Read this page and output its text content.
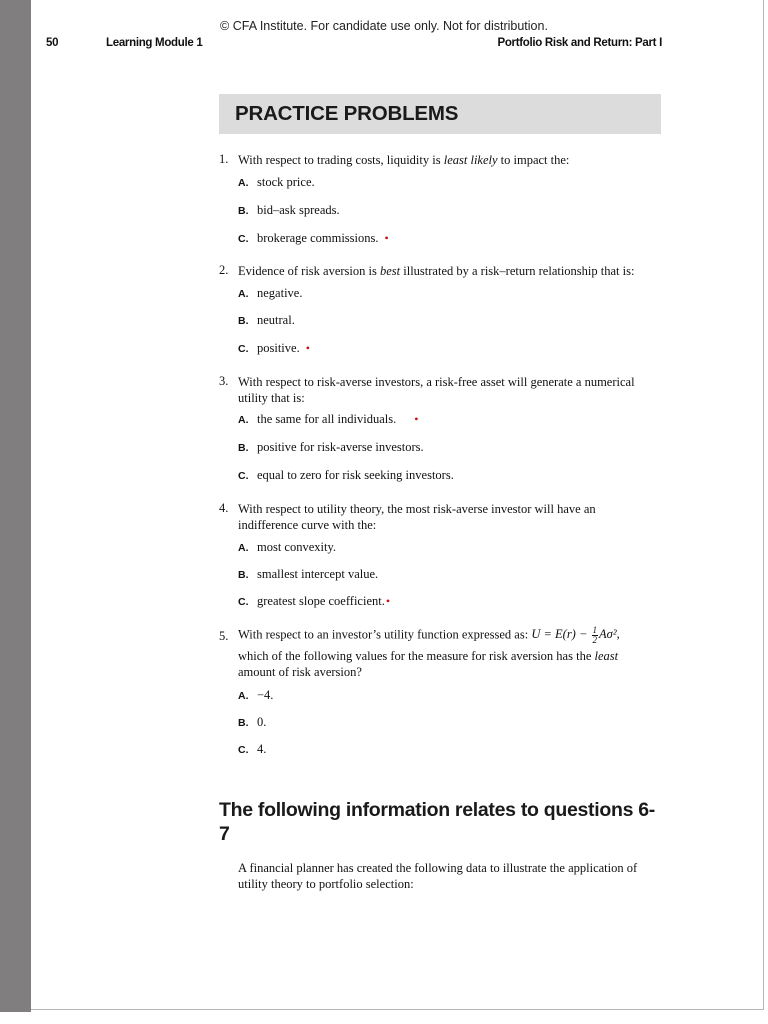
© CFA Institute. For candidate use only. Not for distribution.
50	Learning Module 1	Portfolio Risk and Return: Part I
PRACTICE PROBLEMS
1. With respect to trading costs, liquidity is least likely to impact the:
A. stock price.
B. bid–ask spreads.
C. brokerage commissions. •
2. Evidence of risk aversion is best illustrated by a risk–return relationship that is:
A. negative.
B. neutral.
C. positive. •
3. With respect to risk-averse investors, a risk-free asset will generate a numerical utility that is:
A. the same for all individuals. •
B. positive for risk-averse investors.
C. equal to zero for risk seeking investors.
4. With respect to utility theory, the most risk-averse investor will have an indifference curve with the:
A. most convexity.
B. smallest intercept value.
C. greatest slope coefficient.•
5. With respect to an investor’s utility function expressed as: $U = E(r) - \frac{1}{2} A\sigma^2$,
which of the following values for the measure for risk aversion has the least
amount of risk aversion?
A. −4.
B. 0.
C. 4.
The following information relates to questions 6-7
A financial planner has created the following data to illustrate the application of utility theory to portfolio selection:
